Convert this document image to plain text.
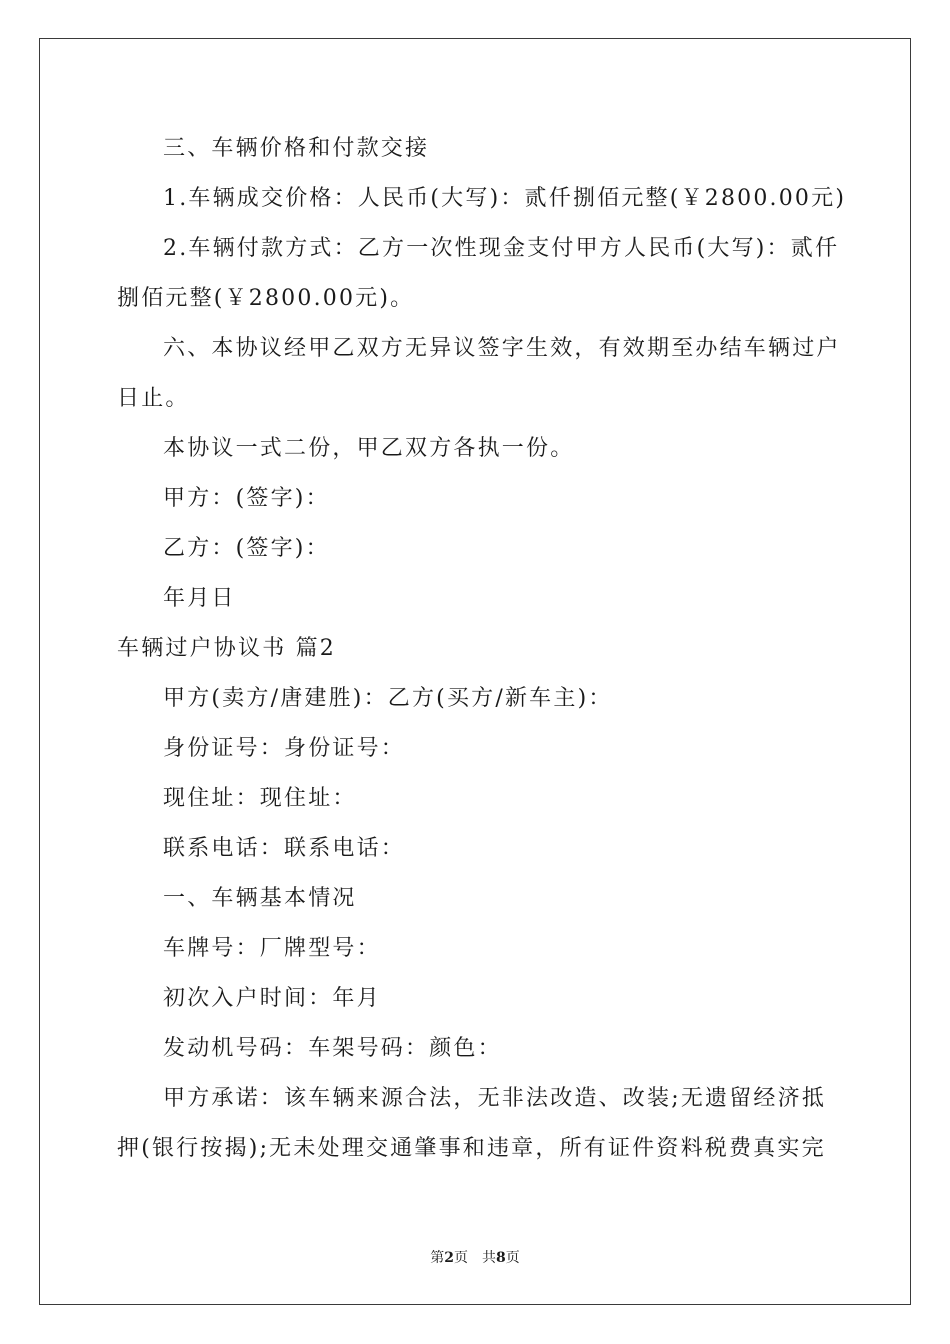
三、车辆价格和付款交接
1.车辆成交价格：人民币(大写)：贰仟捌佰元整(￥2800.00元)
2.车辆付款方式：乙方一次性现金支付甲方人民币(大写)：贰仟
捌佰元整(￥2800.00元)。
六、本协议经甲乙双方无异议签字生效，有效期至办结车辆过户
日止。
本协议一式二份，甲乙双方各执一份。
甲方：(签字)：
乙方：(签字)：
年月日
车辆过户协议书 篇2
甲方(卖方/唐建胜)：乙方(买方/新车主)：
身份证号：身份证号：
现住址：现住址：
联系电话：联系电话：
一、车辆基本情况
车牌号：厂牌型号：
初次入户时间：年月
发动机号码：车架号码：颜色：
甲方承诺：该车辆来源合法，无非法改造、改装;无遗留经济抵
押(银行按揭);无未处理交通肇事和违章，所有证件资料税费真实完
第2页 共8页
